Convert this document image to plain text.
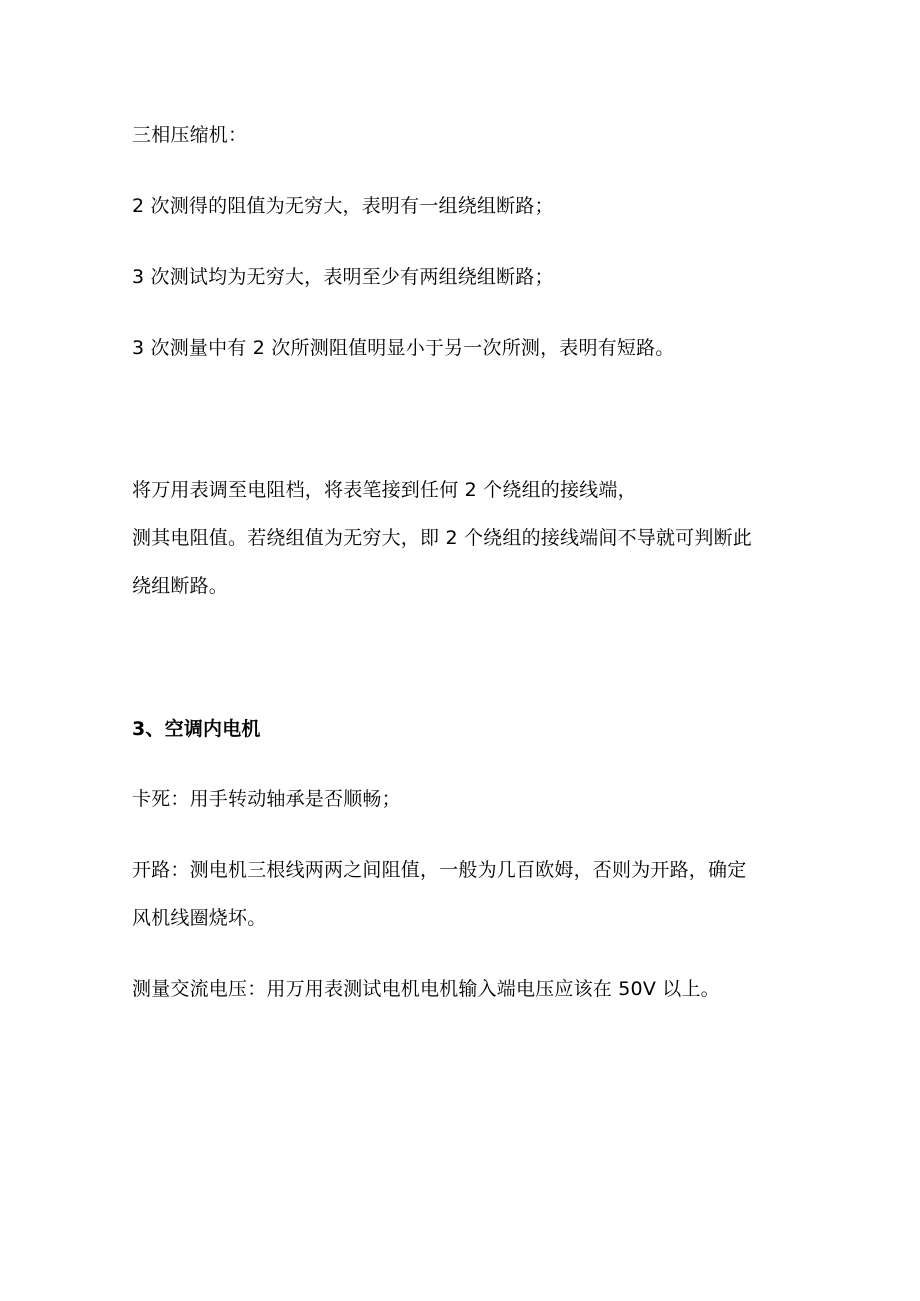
三相压缩机：

2 次测得的阻值为无穷大，表明有一组绕组断路；

3 次测试均为无穷大，表明至少有两组绕组断路；

3 次测量中有 2 次所测阻值明显小于另一次所测，表明有短路。

将万用表调至电阻档，将表笔接到任何 2 个绕组的接线端，

测其电阻值。若绕组值为无穷大，即 2 个绕组的接线端间不导就可判断此

绕组断路。

3、空调内电机

卡死：用手转动轴承是否顺畅；

开路：测电机三根线两两之间阻值，一般为几百欧姆，否则为开路，确定

风机线圈烧坏。

测量交流电压：用万用表测试电机电机输入端电压应该在 50V 以上。
